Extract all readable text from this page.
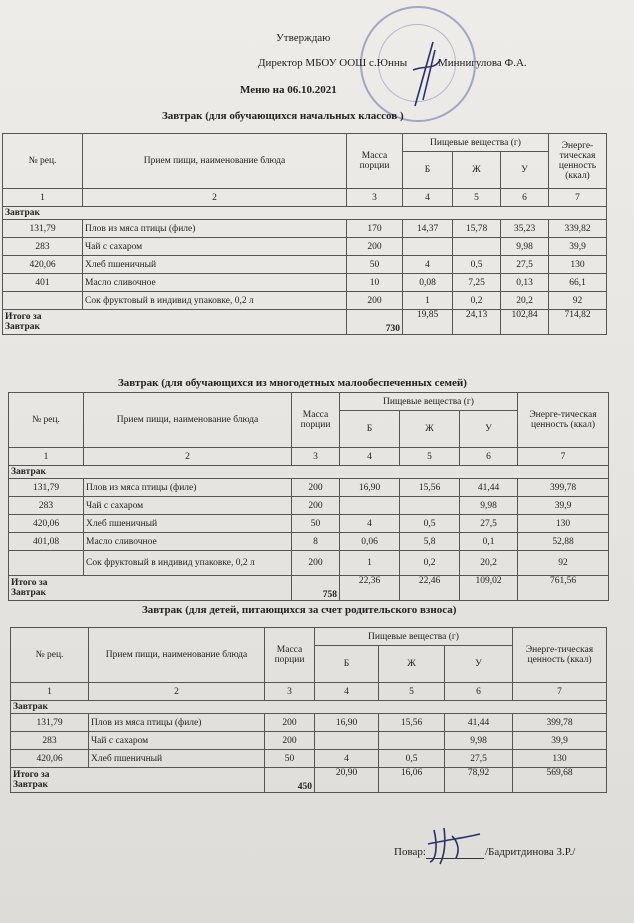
Утверждаю
Директор МБОУ ООШ с.Юнны	Миннигулова Ф.А.
Меню на 06.10.2021
Завтрак (для обучающихся начальных классов )
№ рец.	Прием пищи, наименование блюда	Масса порции	Пищевые вещества (г)			Энерге-тическая ценность (ккал)
			Б	Ж	У	
1	2	3	4	5	6	7
Завтрак						
131,79	Плов из мяса птицы (филе)	170	14,37	15,78	35,23	339,82
283	Чай с сахаром	200			9,98	39,9
420,06	Хлеб пшеничный	50	4	0,5	27,5	130
401	Масло сливочное	10	0,08	7,25	0,13	66,1
	Сок фруктовый в индивид упаковке, 0,2 л	200	1	0,2	20,2	92
Итого за
Завтрак		730	19,85	24,13	102,84	714,82
Завтрак (для обучающихся из многодетных малообеспеченных семей)
№ рец.	Прием пищи, наименование блюда	Масса порции	Пищевые вещества (г)			Энерге-тическая ценность (ккал)
			Б	Ж	У	
1	2	3	4	5	6	7
Завтрак						
131,79	Плов из мяса птицы (филе)	200	16,90	15,56	41,44	399,78
283	Чай с сахаром	200			9,98	39,9
420,06	Хлеб пшеничный	50	4	0,5	27,5	130
401,08	Масло сливочное	8	0,06	5,8	0,1	52,88
	Сок фруктовый в индивид упаковке, 0,2 л	200	1	0,2	20,2	92
Итого за
Завтрак		758	22,36	22,46	109,02	761,56
Завтрак (для детей, питающихся за счет родительского взноса)
№ рец.	Прием пищи, наименование блюда	Масса порции	Пищевые вещества (г)			Энерге-тическая ценность (ккал)
			Б	Ж	У	
1	2	3	4	5	6	7
Завтрак						
131,79	Плов из мяса птицы (филе)	200	16,90	15,56	41,44	399,78
283	Чай с сахаром	200			9,98	39,9
420,06	Хлеб пшеничный	50	4	0,5	27,5	130
Итого за
Завтрак		450	20,90	16,06	78,92	569,68
Повар:	/Бадритдинова З.Р./
